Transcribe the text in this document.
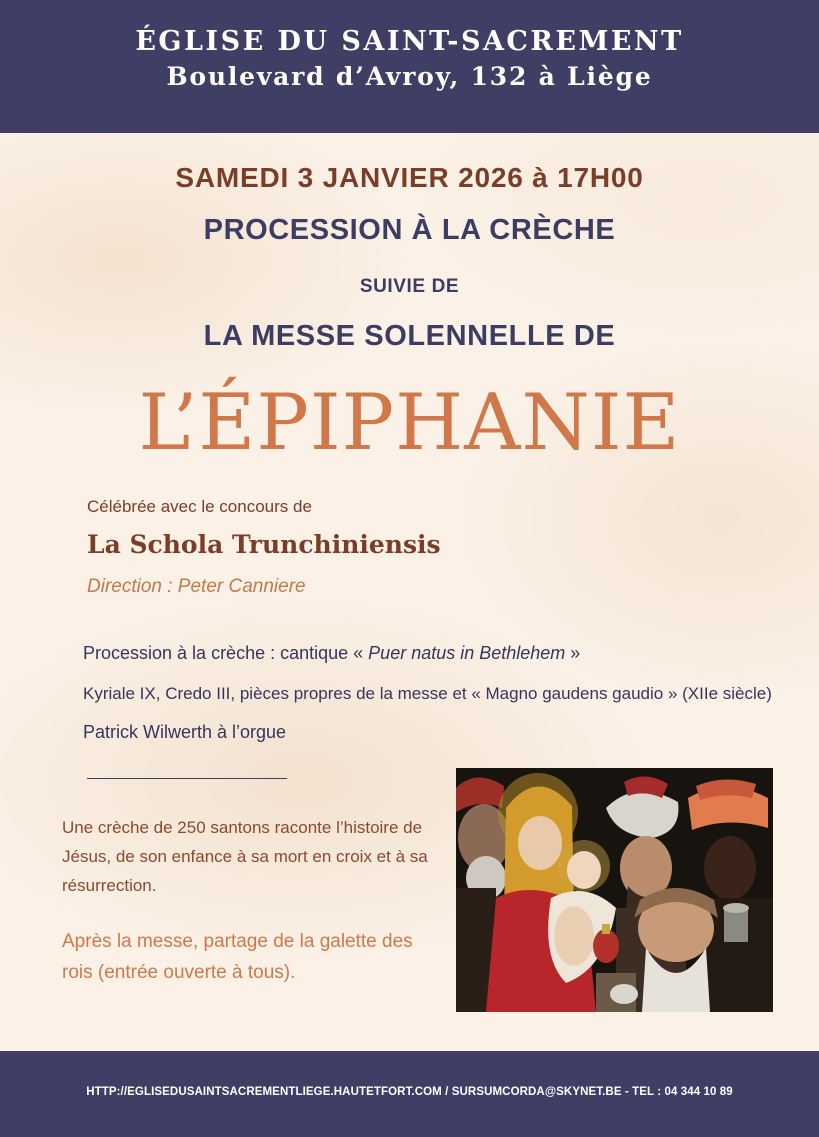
ÉGLISE DU SAINT-SACREMENT
Boulevard d’Avroy, 132 à Liège
SAMEDI 3 JANVIER 2026 à 17H00
PROCESSION À LA CRÈCHE
SUIVIE DE
LA MESSE SOLENNELLE DE
L’ÉPIPHANIE
Célébrée avec le concours de
La Schola Trunchiniensis
Direction : Peter Canniere
Procession à la crèche : cantique « Puer natus in Bethlehem »
Kyriale IX, Credo III, pièces propres de la messe et « Magno gaudens gaudio » (XIIe siècle)
Patrick Wilwerth à l’orgue
Une crèche de 250 santons raconte l’histoire de Jésus, de son enfance à sa mort en croix et à sa résurrection.
Après la messe, partage de la galette des rois (entrée ouverte à tous).
HTTP://EGLISEDUSAINTSACREMENTLIEGE.HAUTETFORT.COM / SURSUMCORDA@SKYNET.BE - TEL : 04 344 10 89
